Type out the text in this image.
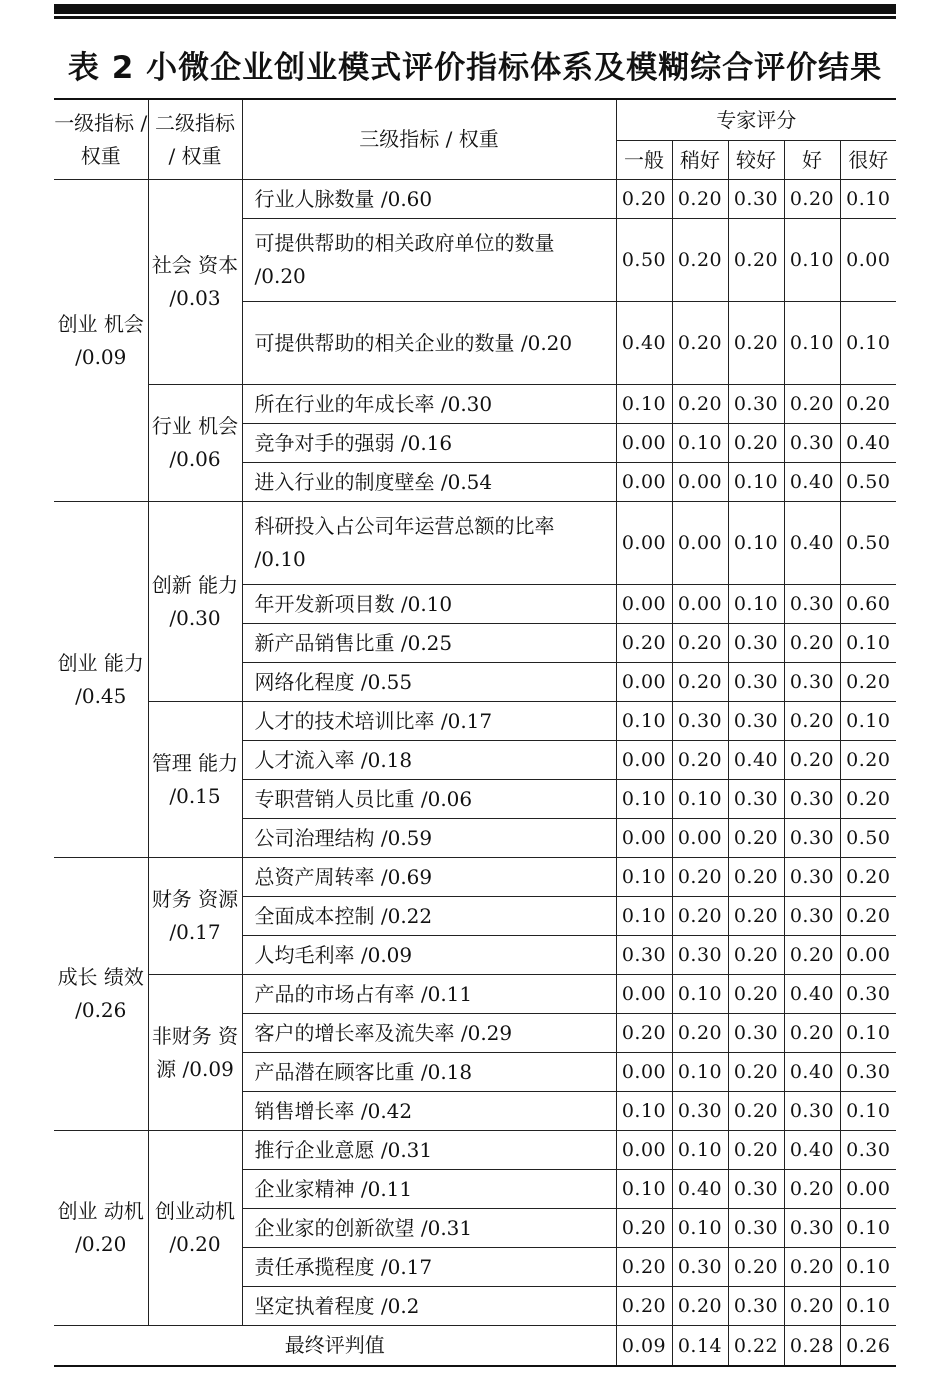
表 2 小微企业创业模式评价指标体系及模糊综合评价结果
一级指标 / 权重	二级指标 / 权重	三级指标 / 权重	专家评分				
			一般	稍好	较好	好	很好
创业 机会 /0.09	社会 资本 /0.03	行业人脉数量 /0.60	0.20	0.20	0.30	0.20	0.10
		可提供帮助的相关政府单位的数量 /0.20	0.50	0.20	0.20	0.10	0.00
		可提供帮助的相关企业的数量 /0.20	0.40	0.20	0.20	0.10	0.10
	行业 机会 /0.06	所在行业的年成长率 /0.30	0.10	0.20	0.30	0.20	0.20
		竞争对手的强弱 /0.16	0.00	0.10	0.20	0.30	0.40
		进入行业的制度壁垒 /0.54	0.00	0.00	0.10	0.40	0.50
创业 能力 /0.45	创新 能力 /0.30	科研投入占公司年运营总额的比率 /0.10	0.00	0.00	0.10	0.40	0.50
		年开发新项目数 /0.10	0.00	0.00	0.10	0.30	0.60
		新产品销售比重 /0.25	0.20	0.20	0.30	0.20	0.10
		网络化程度 /0.55	0.00	0.20	0.30	0.30	0.20
	管理 能力 /0.15	人才的技术培训比率 /0.17	0.10	0.30	0.30	0.20	0.10
		人才流入率 /0.18	0.00	0.20	0.40	0.20	0.20
		专职营销人员比重 /0.06	0.10	0.10	0.30	0.30	0.20
		公司治理结构 /0.59	0.00	0.00	0.20	0.30	0.50
成长 绩效 /0.26	财务 资源 /0.17	总资产周转率 /0.69	0.10	0.20	0.20	0.30	0.20
		全面成本控制 /0.22	0.10	0.20	0.20	0.30	0.20
		人均毛利率 /0.09	0.30	0.30	0.20	0.20	0.00
	非财务 资源 /0.09	产品的市场占有率 /0.11	0.00	0.10	0.20	0.40	0.30
		客户的增长率及流失率 /0.29	0.20	0.20	0.30	0.20	0.10
		产品潜在顾客比重 /0.18	0.00	0.10	0.20	0.40	0.30
		销售增长率 /0.42	0.10	0.30	0.20	0.30	0.10
创业 动机 /0.20	创业动机 /0.20	推行企业意愿 /0.31	0.00	0.10	0.20	0.40	0.30
		企业家精神 /0.11	0.10	0.40	0.30	0.20	0.00
		企业家的创新欲望 /0.31	0.20	0.10	0.30	0.30	0.10
		责任承揽程度 /0.17	0.20	0.30	0.20	0.20	0.10
		坚定执着程度 /0.2	0.20	0.20	0.30	0.20	0.10
最终评判值			0.09	0.14	0.22	0.28	0.26
